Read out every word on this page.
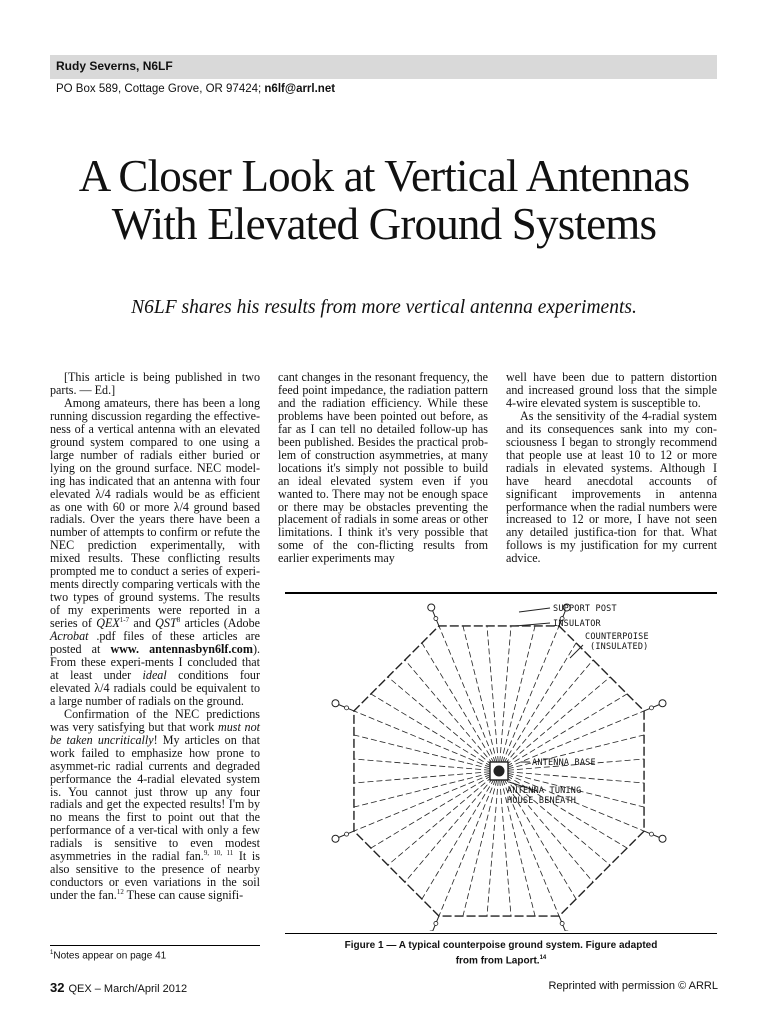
Rudy Severns, N6LF
PO Box 589, Cottage Grove, OR 97424; n6lf@arrl.net
A Closer Look at Vertical Antennas
With Elevated Ground Systems
N6LF shares his results from more vertical antenna experiments.

[This article is being published in two parts. — Ed.]

Among amateurs, there has been a long running discussion regarding the effective-ness of a vertical antenna with an elevated ground system compared to one using a large number of radials either buried or lying on the ground surface. NEC model-ing has indicated that an antenna with four elevated λ/4 radials would be as efficient as one with 60 or more λ/4 ground based radials. Over the years there have been a number of attempts to confirm or refute the NEC prediction experimentally, with mixed results. These conflicting results prompted me to conduct a series of experi-ments directly comparing verticals with the two types of ground systems. The results of my experiments were reported in a series of QEX$^{1-7}$ and QST$^8$ articles (Adobe Acrobat .pdf files of these articles are posted at www. antennasbyn6lf.com). From these experi-ments I concluded that at least under ideal conditions four elevated λ/4 radials could be equivalent to a large number of radials on the ground.

Confirmation of the NEC predictions was very satisfying but that work must not be taken uncritically! My articles on that work failed to emphasize how prone to asymmet-ric radial currents and degraded performance the 4-radial elevated system is. You cannot just throw up any four radials and get the expected results! I'm by no means the first to point out that the performance of a ver-tical with only a few radials is sensitive to even modest asymmetries in the radial fan.$^{9, 10, 11}$ It is also sensitive to the presence of nearby conductors or even variations in the soil under the fan.$^{12}$ These can cause signifi-

cant changes in the resonant frequency, the feed point impedance, the radiation pattern and the radiation efficiency. While these problems have been pointed out before, as far as I can tell no detailed follow-up has been published. Besides the practical prob-lem of construction asymmetries, at many locations it's simply not possible to build an ideal elevated system even if you wanted to. There may not be enough space or there may be obstacles preventing the placement of radials in some areas or other limitations. I think it's very possible that some of the con-flicting results from earlier experiments may

well have been due to pattern distortion and increased ground loss that the simple 4-wire elevated system is susceptible to.

As the sensitivity of the 4-radial system and its consequences sank into my con-sciousness I began to strongly recommend that people use at least 10 to 12 or more radials in elevated systems. Although I have heard anecdotal accounts of significant improvements in antenna performance when the radial numbers were increased to 12 or more, I have not seen any detailed justifica-tion for that. What follows is my justification for my current advice.

SUPPORT POST
INSULATOR
COUNTERPOISE
(INSULATED)
ANTENNA BASE
ANTENNA TUNING
HOUSE BENEATH
Figure 1 — A typical counterpoise ground system. Figure adapted
from from Laport.$^{14}$
$^1$Notes appear on page 41
32 QEX – March/April 2012	Reprinted with permission © ARRL
